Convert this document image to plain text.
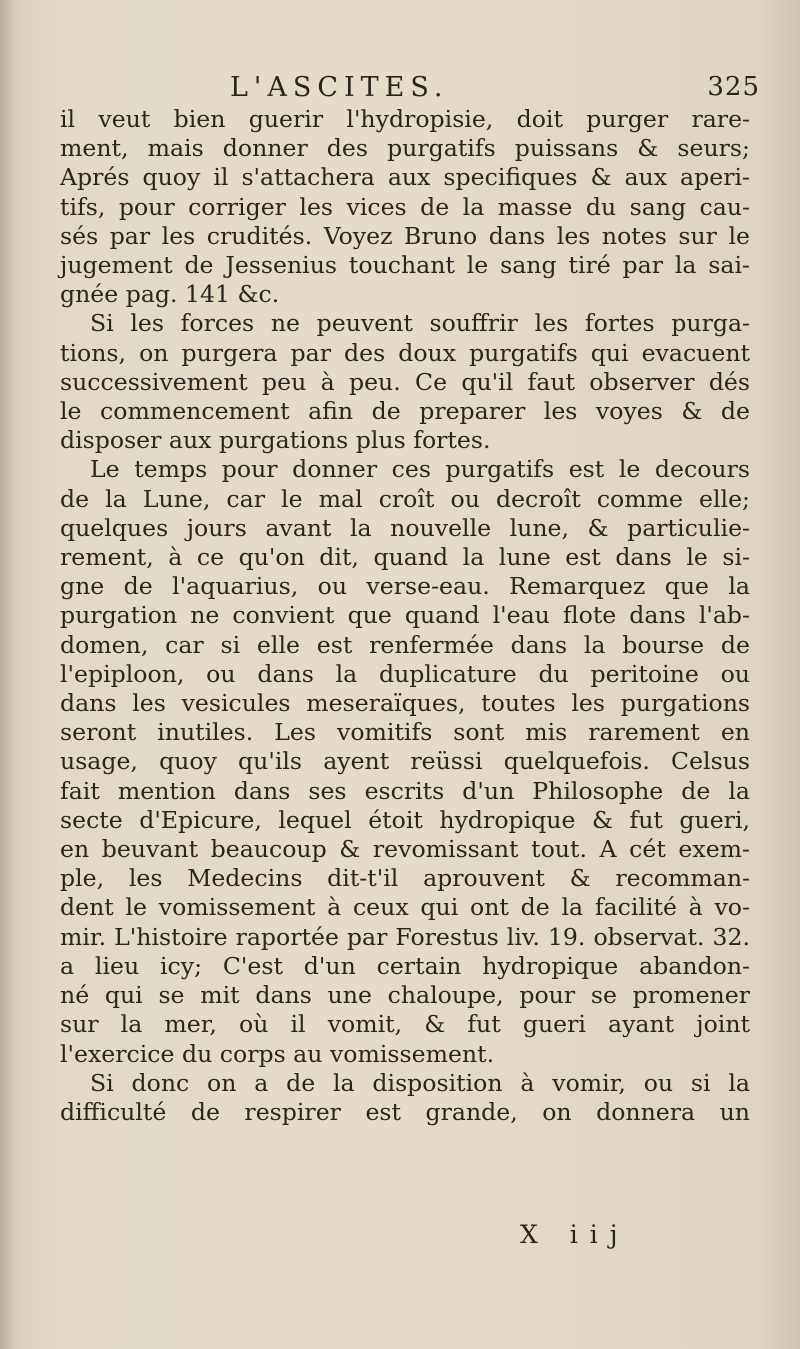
L'ASCITES.	325
il veut bien guerir l'hydropisie, doit purger rare-
ment, mais donner des purgatifs puissans & seurs;
Aprés quoy il s'attachera aux specifiques & aux aperi-
tifs, pour corriger les vices de la masse du sang cau-
sés par les crudités. Voyez Bruno dans les notes sur le
jugement de Jessenius touchant le sang tiré par la sai-
gnée pag. 141 &c.
Si les forces ne peuvent souffrir les fortes purga-
tions, on purgera par des doux purgatifs qui evacuent
successivement peu à peu. Ce qu'il faut observer dés
le commencement afin de preparer les voyes & de
disposer aux purgations plus fortes.
Le temps pour donner ces purgatifs est le decours
de la Lune, car le mal croît ou decroît comme elle;
quelques jours avant la nouvelle lune, & particulie-
rement, à ce qu'on dit, quand la lune est dans le si-
gne de l'aquarius, ou verse-eau. Remarquez que la
purgation ne convient que quand l'eau flote dans l'ab-
domen, car si elle est renfermée dans la bourse de
l'epiploon, ou dans la duplicature du peritoine ou
dans les vesicules meseraïques, toutes les purgations
seront inutiles. Les vomitifs sont mis rarement en
usage, quoy qu'ils ayent reüssi quelquefois. Celsus
fait mention dans ses escrits d'un Philosophe de la
secte d'Epicure, lequel étoit hydropique & fut gueri,
en beuvant beaucoup & revomissant tout. A cét exem-
ple, les Medecins dit-t'il aprouvent & recomman-
dent le vomissement à ceux qui ont de la facilité à vo-
mir. L'histoire raportée par Forestus liv. 19. observat. 32.
a lieu icy; C'est d'un certain hydropique abandon-
né qui se mit dans une chaloupe, pour se promener
sur la mer, où il vomit, & fut gueri ayant joint
l'exercice du corps au vomissement.
Si donc on a de la disposition à vomir, ou si la
difficulté de respirer est grande, on donnera un
X iij
